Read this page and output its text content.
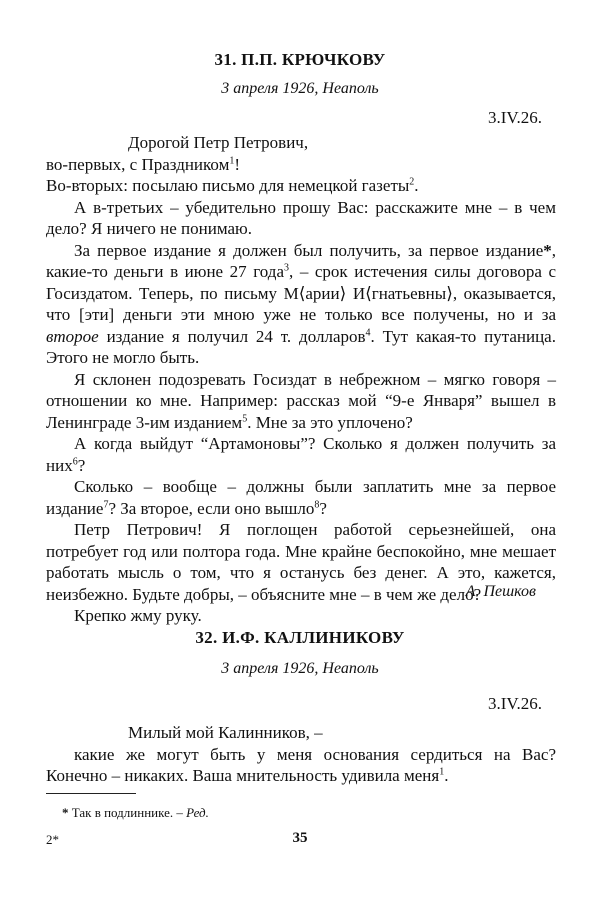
31. П.П. КРЮЧКОВУ
3 апреля 1926, Неаполь
3.IV.26.

Дорогой Петр Петрович,

во-первых, с Праздником$^1$!

Во-вторых: посылаю письмо для немецкой газеты$^2$.

А в-третьих – убедительно прошу Вас: расскажите мне – в чем дело? Я ничего не понимаю.

За первое издание я должен был получить, за первое издание*, какие-то деньги в июне 27 года$^3$, – срок истечения силы договора с Госиздатом. Теперь, по письму М⟨арии⟩ И⟨гнатьевны⟩, оказывается, что [эти] деньги эти мною уже не только все получены, но и за второе издание я получил 24 т. долларов$^4$. Тут какая-то путаница. Этого не могло быть.

Я склонен подозревать Госиздат в небрежном – мягко говоря – отношении ко мне. Например: рассказ мой “9-е Января” вышел в Ленинграде 3-им изданием$^5$. Мне за это уплочено?

А когда выйдут “Артамоновы”? Сколько я должен получить за них$^6$?

Сколько – вообще – должны были заплатить мне за первое издание$^7$? За второе, если оно вышло$^8$?

Петр Петрович! Я поглощен работой серьезнейшей, она потребует год или полтора года. Мне крайне беспокойно, мне мешает работать мысль о том, что я останусь без денег. А это, кажется, неизбежно. Будьте добры, – объясните мне – в чем же дело?

Крепко жму руку.

А. Пешков
32. И.Ф. КАЛЛИНИКОВУ
3 апреля 1926, Неаполь
3.IV.26.

Милый мой Калинников, –

какие же могут быть у меня основания сердиться на Вас? Конечно – никаких. Ваша мнительность удивила меня$^1$.

* Так в подлиннике. – Ред.
2*	35
